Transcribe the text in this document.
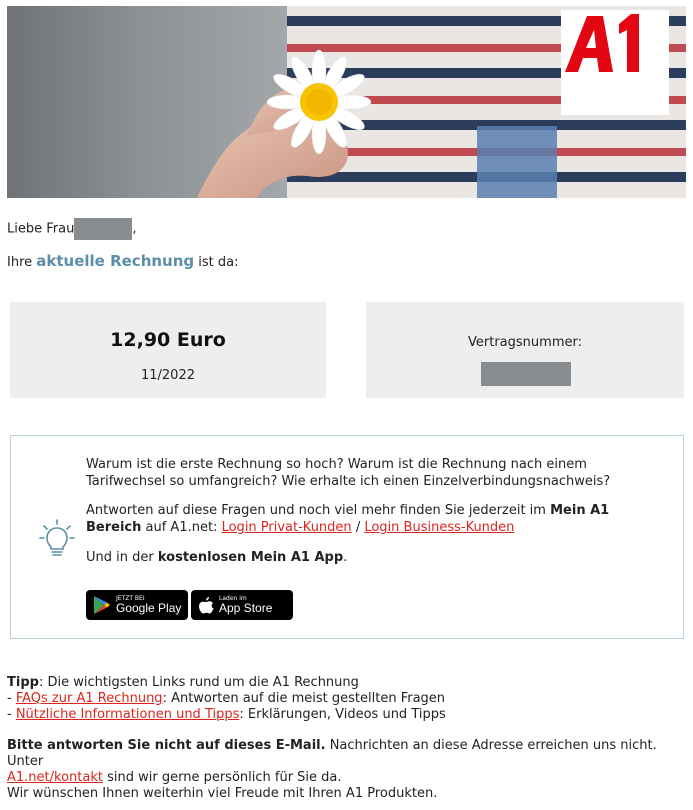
Liebe Frau	,
Ihre aktuelle Rechnung ist da:
12,90 Euro
11/2022
Vertragsnummer:
Warum ist die erste Rechnung so hoch? Warum ist die Rechnung nach einem Tarifwechsel so umfangreich? Wie erhalte ich einen Einzelverbindungsnachweis?
Antworten auf diese Fragen und noch viel mehr finden Sie jederzeit im Mein A1 Bereich auf A1.net: Login Privat-Kunden / Login Business-Kunden
Und in der kostenlosen Mein A1 App.
JETZT BEI
Google Play
Laden im
App Store
Tipp: Die wichtigsten Links rund um die A1 Rechnung
- FAQs zur A1 Rechnung: Antworten auf die meist gestellten Fragen
- Nützliche Informationen und Tipps: Erklärungen, Videos und Tipps
Bitte antworten Sie nicht auf dieses E-Mail. Nachrichten an diese Adresse erreichen uns nicht. Unter
A1.net/kontakt sind wir gerne persönlich für Sie da.
Wir wünschen Ihnen weiterhin viel Freude mit Ihren A1 Produkten.
